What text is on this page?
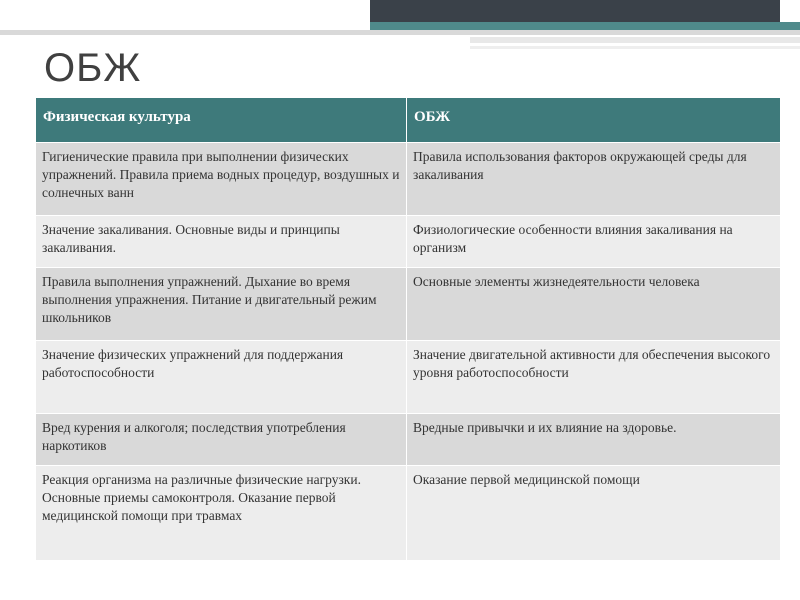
ОБЖ
Физическая культура	ОБЖ
Гигиенические правила при выполнении физических упражнений. Правила приема водных процедур, воздушных и солнечных ванн	Правила использования факторов окружающей среды для закаливания
Значение закаливания. Основные виды и принципы закаливания.	Физиологические особенности влияния закаливания на организм
Правила выполнения упражнений. Дыхание во время выполнения упражнения. Питание и двигательный режим школьников	Основные элементы жизнедеятельности человека
Значение физических упражнений для поддержания работоспособности	Значение двигательной активности для обеспечения высокого уровня работоспособности
Вред курения и алкоголя; последствия употребления наркотиков	Вредные привычки и их влияние на здоровье.
Реакция организма на различные физические нагрузки. Основные приемы самоконтроля. Оказание первой медицинской помощи при травмах	Оказание первой медицинской помощи
